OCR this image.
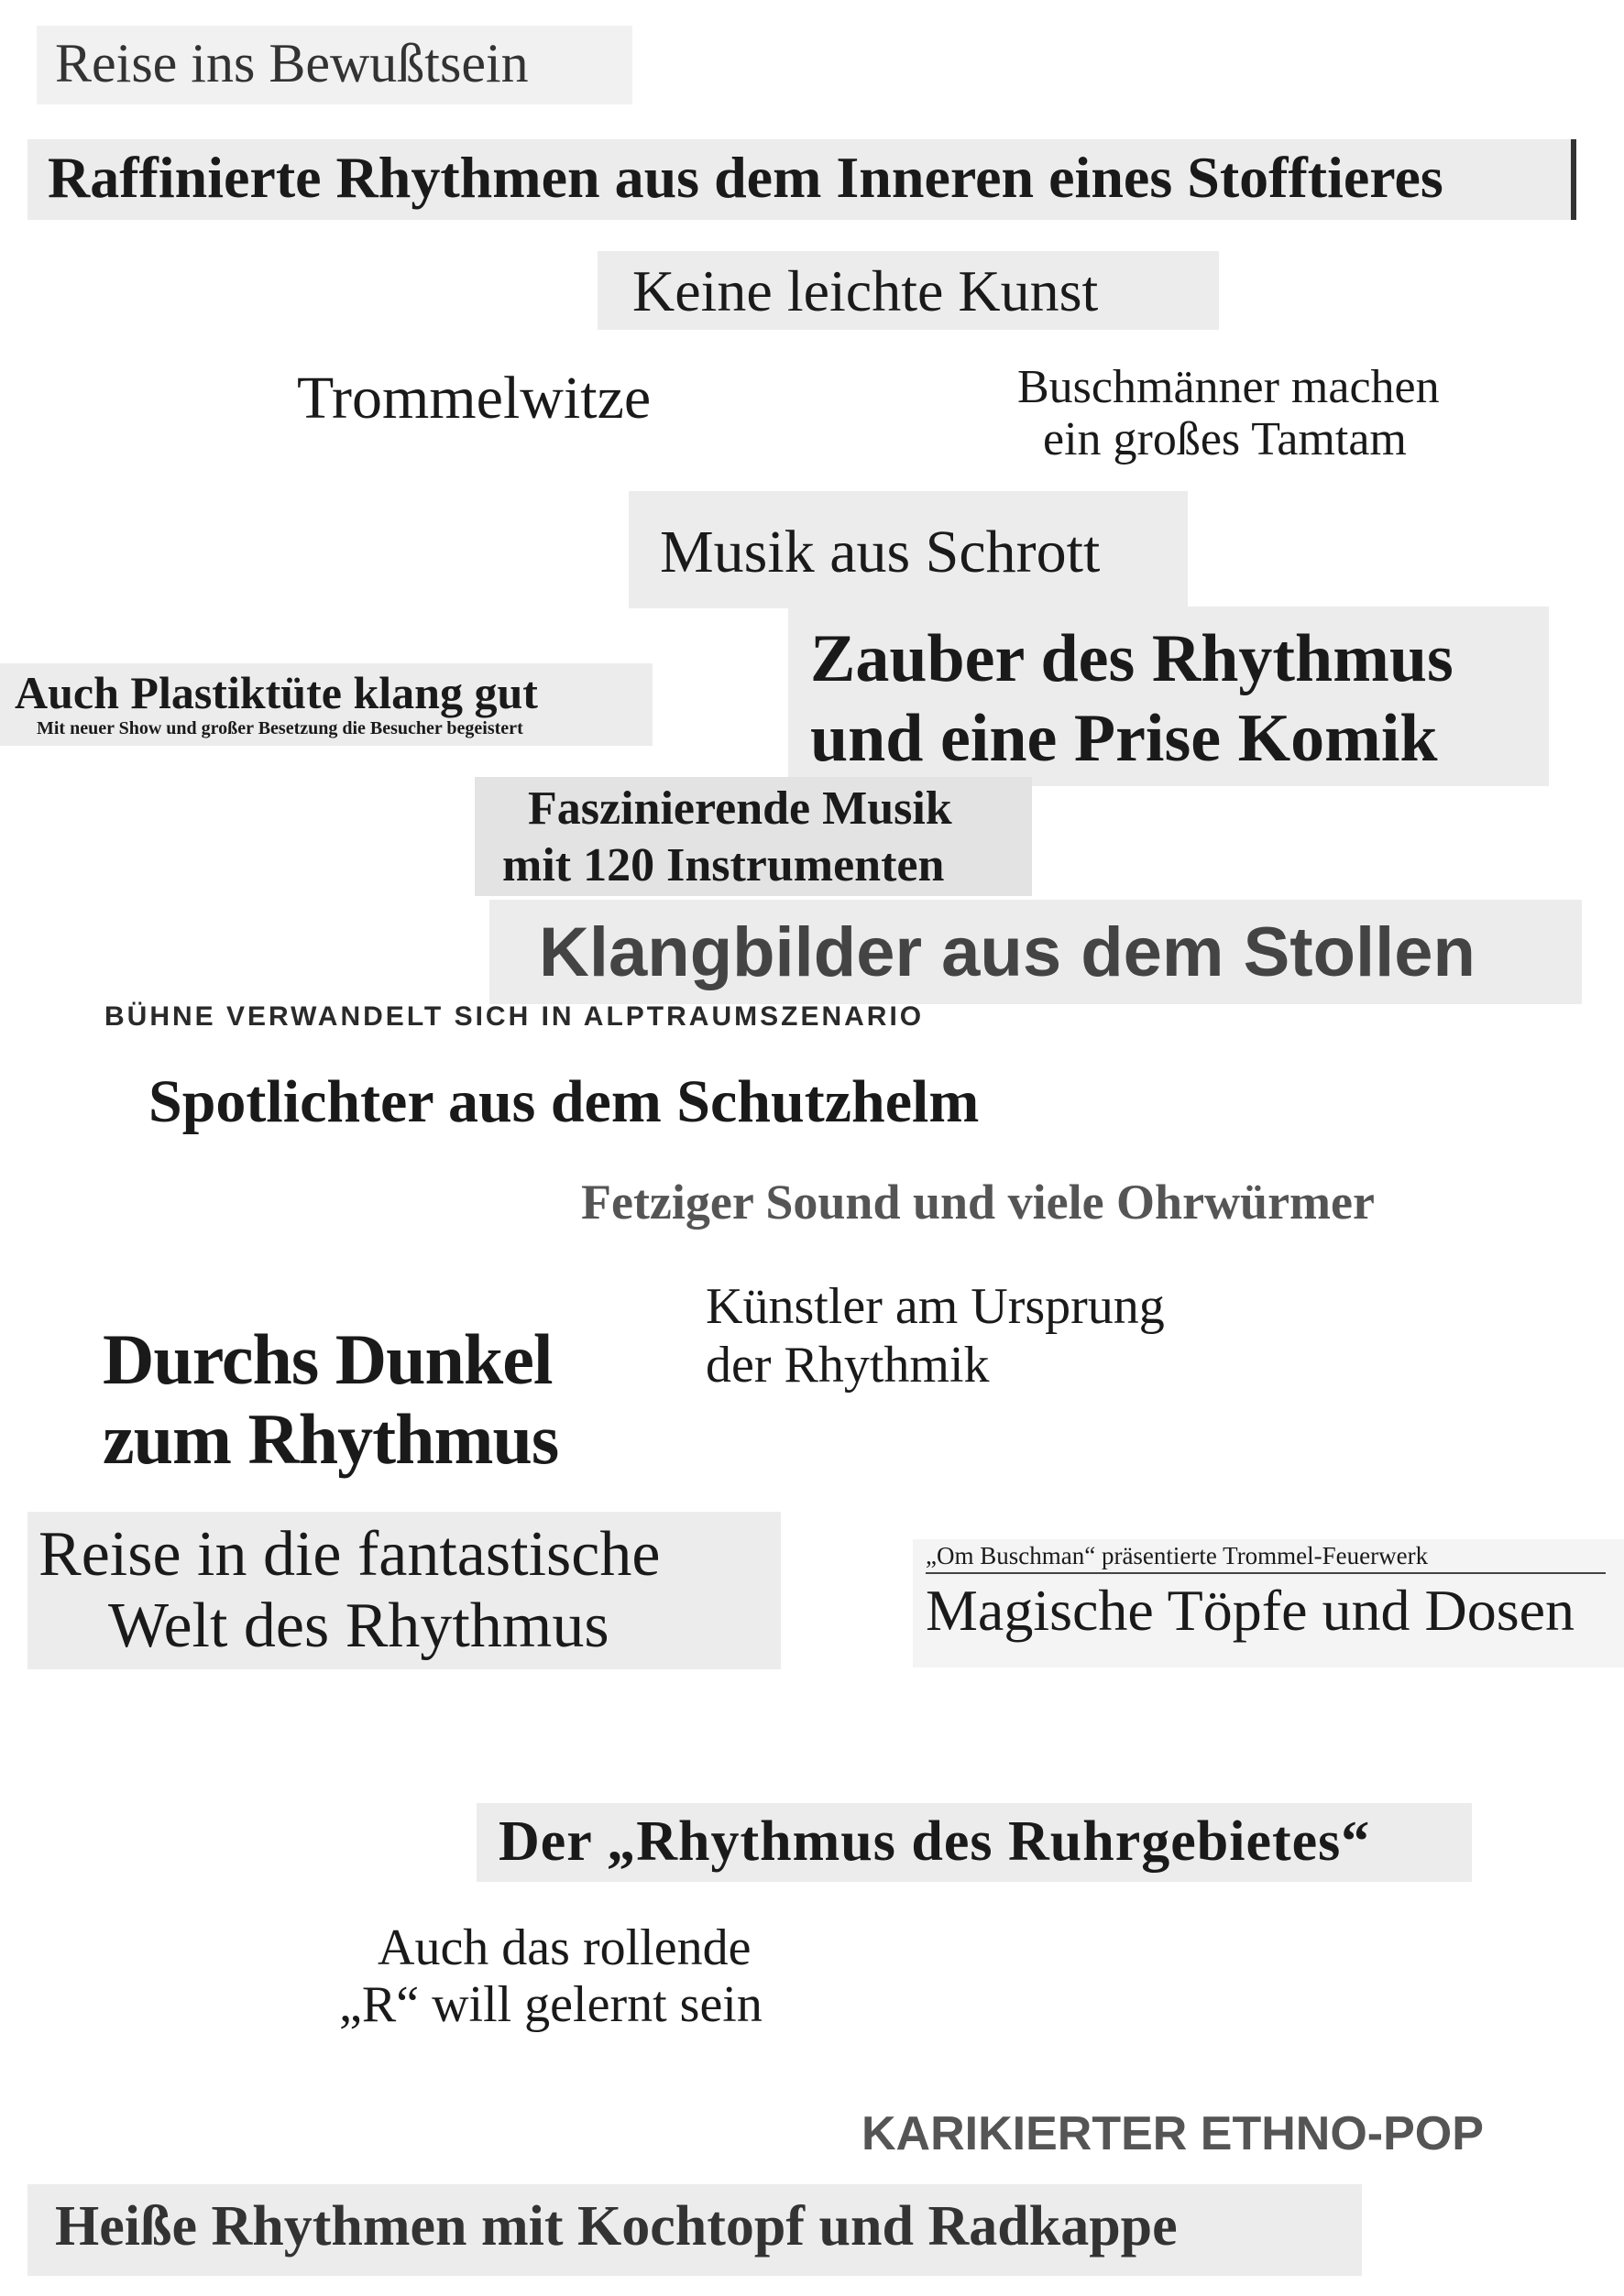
Reise ins Bewußtsein
Raffinierte Rhythmen aus dem Inneren eines Stofftieres
Keine leichte Kunst
Trommelwitze	Buschmänner machen
ein großes Tamtam
Musik aus Schrott
Auch Plastiktüte klang gut
Mit neuer Show und großer Besetzung die Besucher begeistert
Zauber des Rhythmus
und eine Prise Komik
Faszinierende Musik
mit 120 Instrumenten
Klangbilder aus dem Stollen
BÜHNE VERWANDELT SICH IN ALPTRAUMSZENARIO
Spotlichter aus dem Schutzhelm
Fetziger Sound und viele Ohrwürmer
Künstler am Ursprung
der Rhythmik
Durchs Dunkel
zum Rhythmus
Reise in die fantastische
Welt des Rhythmus
„Om Buschman“ präsentierte Trommel-Feuerwerk
Magische Töpfe und Dosen
Der „Rhythmus des Ruhrgebietes“
Auch das rollende
„R“ will gelernt sein
KARIKIERTER ETHNO-POP
Heiße Rhythmen mit Kochtopf und Radkappe
